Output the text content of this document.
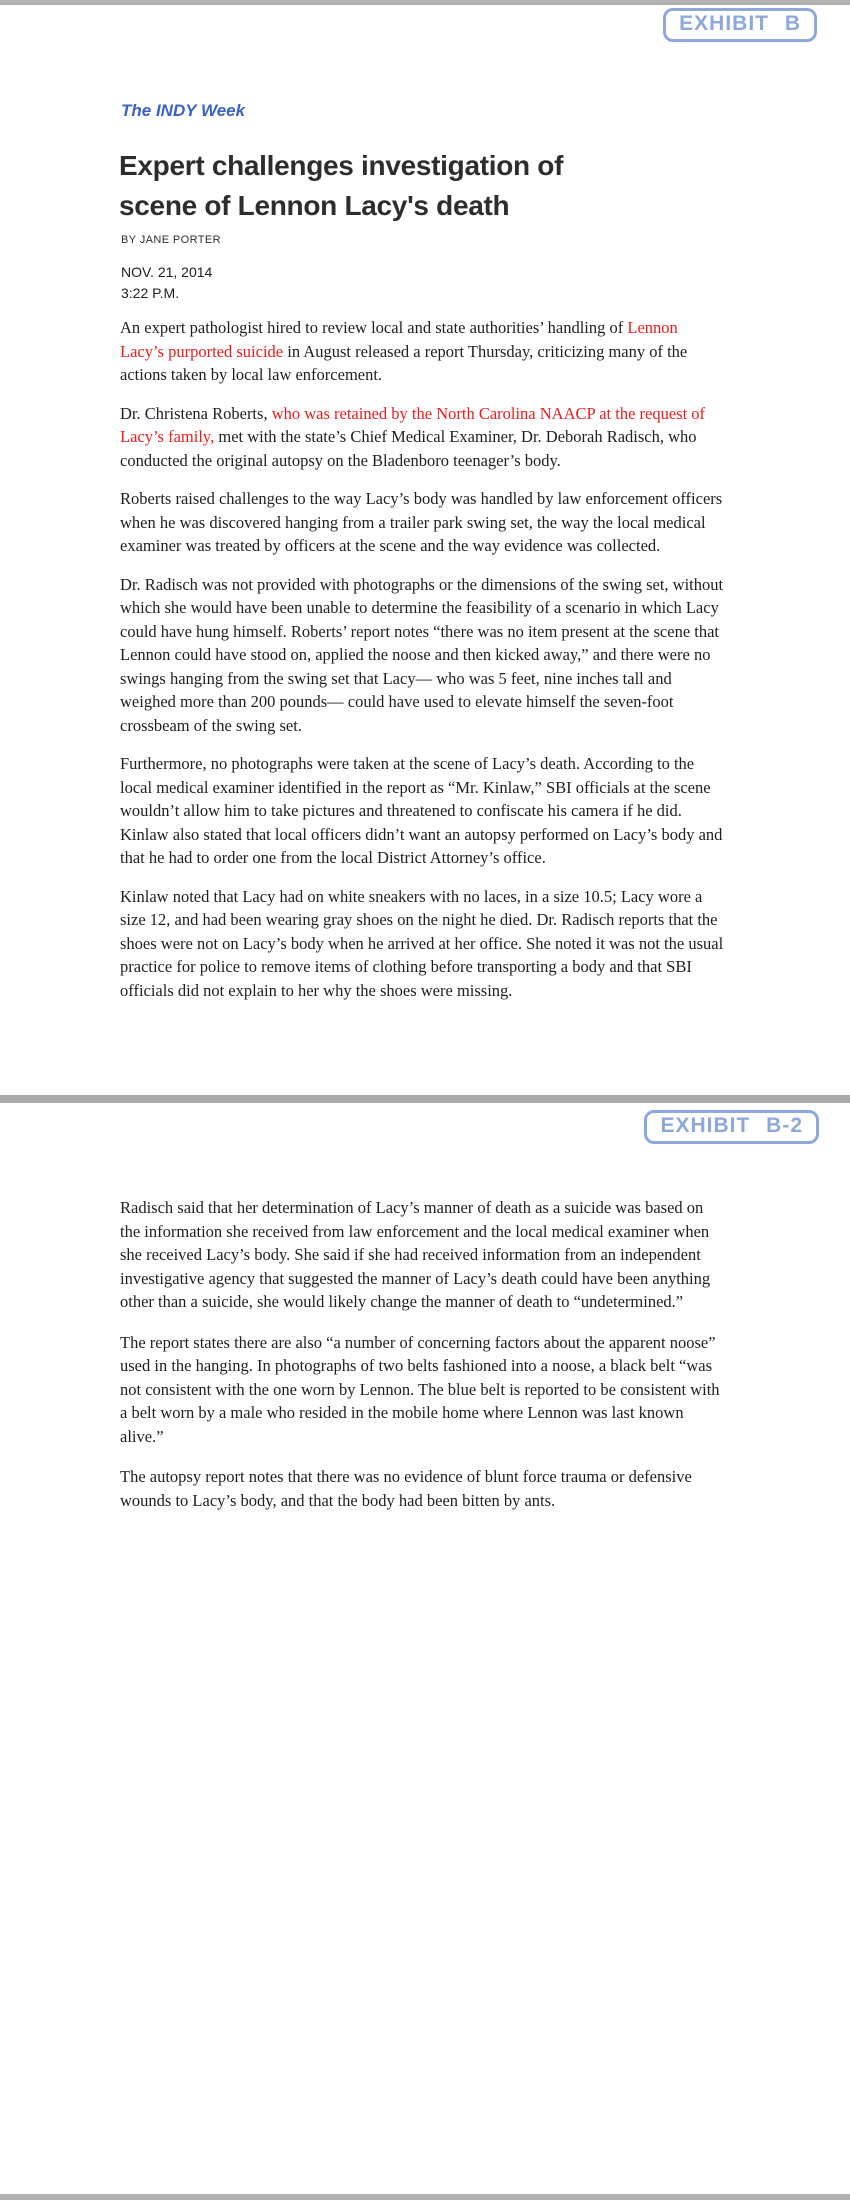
EXHIBIT B
The INDY Week
Expert challenges investigation of
scene of Lennon Lacy's death
BY JANE PORTER
NOV. 21, 2014
3:22 P.M.

An expert pathologist hired to review local and state authorities’ handling of Lennon Lacy’s purported suicide in August released a report Thursday, criticizing many of the actions taken by local law enforcement.

Dr. Christena Roberts, who was retained by the North Carolina NAACP at the request of Lacy’s family, met with the state’s Chief Medical Examiner, Dr. Deborah Radisch, who conducted the original autopsy on the Bladenboro teenager’s body.

Roberts raised challenges to the way Lacy’s body was handled by law enforcement officers when he was discovered hanging from a trailer park swing set, the way the local medical examiner was treated by officers at the scene and the way evidence was collected.

Dr. Radisch was not provided with photographs or the dimensions of the swing set, without which she would have been unable to determine the feasibility of a scenario in which Lacy could have hung himself. Roberts’ report notes “there was no item present at the scene that Lennon could have stood on, applied the noose and then kicked away,” and there were no swings hanging from the swing set that Lacy— who was 5 feet, nine inches tall and weighed more than 200 pounds— could have used to elevate himself the seven-foot crossbeam of the swing set.

Furthermore, no photographs were taken at the scene of Lacy’s death. According to the local medical examiner identified in the report as “Mr. Kinlaw,” SBI officials at the scene wouldn’t allow him to take pictures and threatened to confiscate his camera if he did. Kinlaw also stated that local officers didn’t want an autopsy performed on Lacy’s body and that he had to order one from the local District Attorney’s office.

Kinlaw noted that Lacy had on white sneakers with no laces, in a size 10.5; Lacy wore a size 12, and had been wearing gray shoes on the night he died. Dr. Radisch reports that the shoes were not on Lacy’s body when he arrived at her office. She noted it was not the usual practice for police to remove items of clothing before transporting a body and that SBI officials did not explain to her why the shoes were missing.

EXHIBIT B-2

Radisch said that her determination of Lacy’s manner of death as a suicide was based on the information she received from law enforcement and the local medical examiner when she received Lacy’s body. She said if she had received information from an independent investigative agency that suggested the manner of Lacy’s death could have been anything other than a suicide, she would likely change the manner of death to “undetermined.”

The report states there are also “a number of concerning factors about the apparent noose” used in the hanging. In photographs of two belts fashioned into a noose, a black belt “was not consistent with the one worn by Lennon. The blue belt is reported to be consistent with a belt worn by a male who resided in the mobile home where Lennon was last known alive.”

The autopsy report notes that there was no evidence of blunt force trauma or defensive wounds to Lacy’s body, and that the body had been bitten by ants.
